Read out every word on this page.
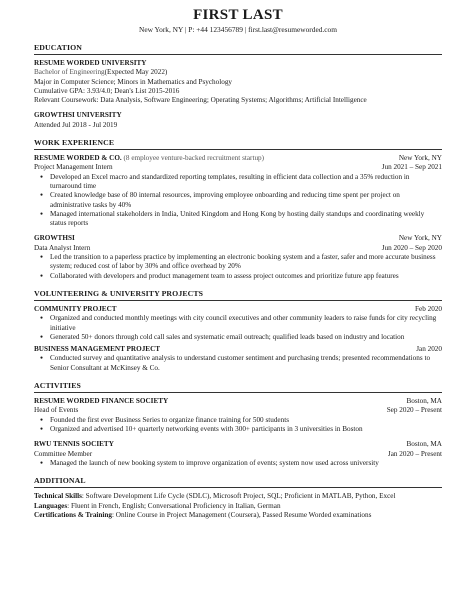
FIRST LAST
New York, NY | P: +44 123456789 | first.last@resumeworded.com
EDUCATION
RESUME WORDED UNIVERSITY
Bachelor of Engineering(Expected May 2022)
Major in Computer Science; Minors in Mathematics and Psychology
Cumulative GPA: 3.93/4.0; Dean's List 2015-2016
Relevant Coursework: Data Analysis, Software Engineering; Operating Systems; Algorithms; Artificial Intelligence
GROWTHSI UNIVERSITY
Attended Jul 2018 - Jul 2019
WORK EXPERIENCE
RESUME WORDED & CO. (8 employee venture-backed recruitment startup)	New York, NY
Project Management Intern	Jun 2021 – Sep 2021
● Developed an Excel macro and standardized reporting templates, resulting in efficient data collection and a 35% reduction in turnaround time
● Created knowledge base of 80 internal resources, improving employee onboarding and reducing time spent per project on administrative tasks by 40%
● Managed international stakeholders in India, United Kingdom and Hong Kong by hosting daily standups and coordinating weekly status reports
GROWTHSI	New York, NY
Data Analyst Intern	Jun 2020 – Sep 2020
● Led the transition to a paperless practice by implementing an electronic booking system and a faster, safer and more accurate business system; reduced cost of labor by 30% and office overhead by 20%
● Collaborated with developers and product management team to assess project outcomes and prioritize future app features
VOLUNTEERING & UNIVERSITY PROJECTS
COMMUNITY PROJECT	Feb 2020
● Organized and conducted monthly meetings with city council executives and other community leaders to raise funds for city recycling initiative
● Generated 50+ donors through cold call sales and systematic email outreach; qualified leads based on industry and location
BUSINESS MANAGEMENT PROJECT	Jan 2020
● Conducted survey and quantitative analysis to understand customer sentiment and purchasing trends; presented recommendations to Senior Consultant at McKinsey & Co.
ACTIVITIES
RESUME WORDED FINANCE SOCIETY	Boston, MA
Head of Events	Sep 2020 – Present
● Founded the first ever Business Series to organize finance training for 500 students
● Organized and advertised 10+ quarterly networking events with 300+ participants in 3 universities in Boston
RWU TENNIS SOCIETY	Boston, MA
Committee Member	Jan 2020 – Present
● Managed the launch of new booking system to improve organization of events; system now used across university
ADDITIONAL
Technical Skills: Software Development Life Cycle (SDLC), Microsoft Project, SQL; Proficient in MATLAB, Python, Excel
Languages: Fluent in French, English; Conversational Proficiency in Italian, German
Certifications & Training: Online Course in Project Management (Coursera), Passed Resume Worded examinations
